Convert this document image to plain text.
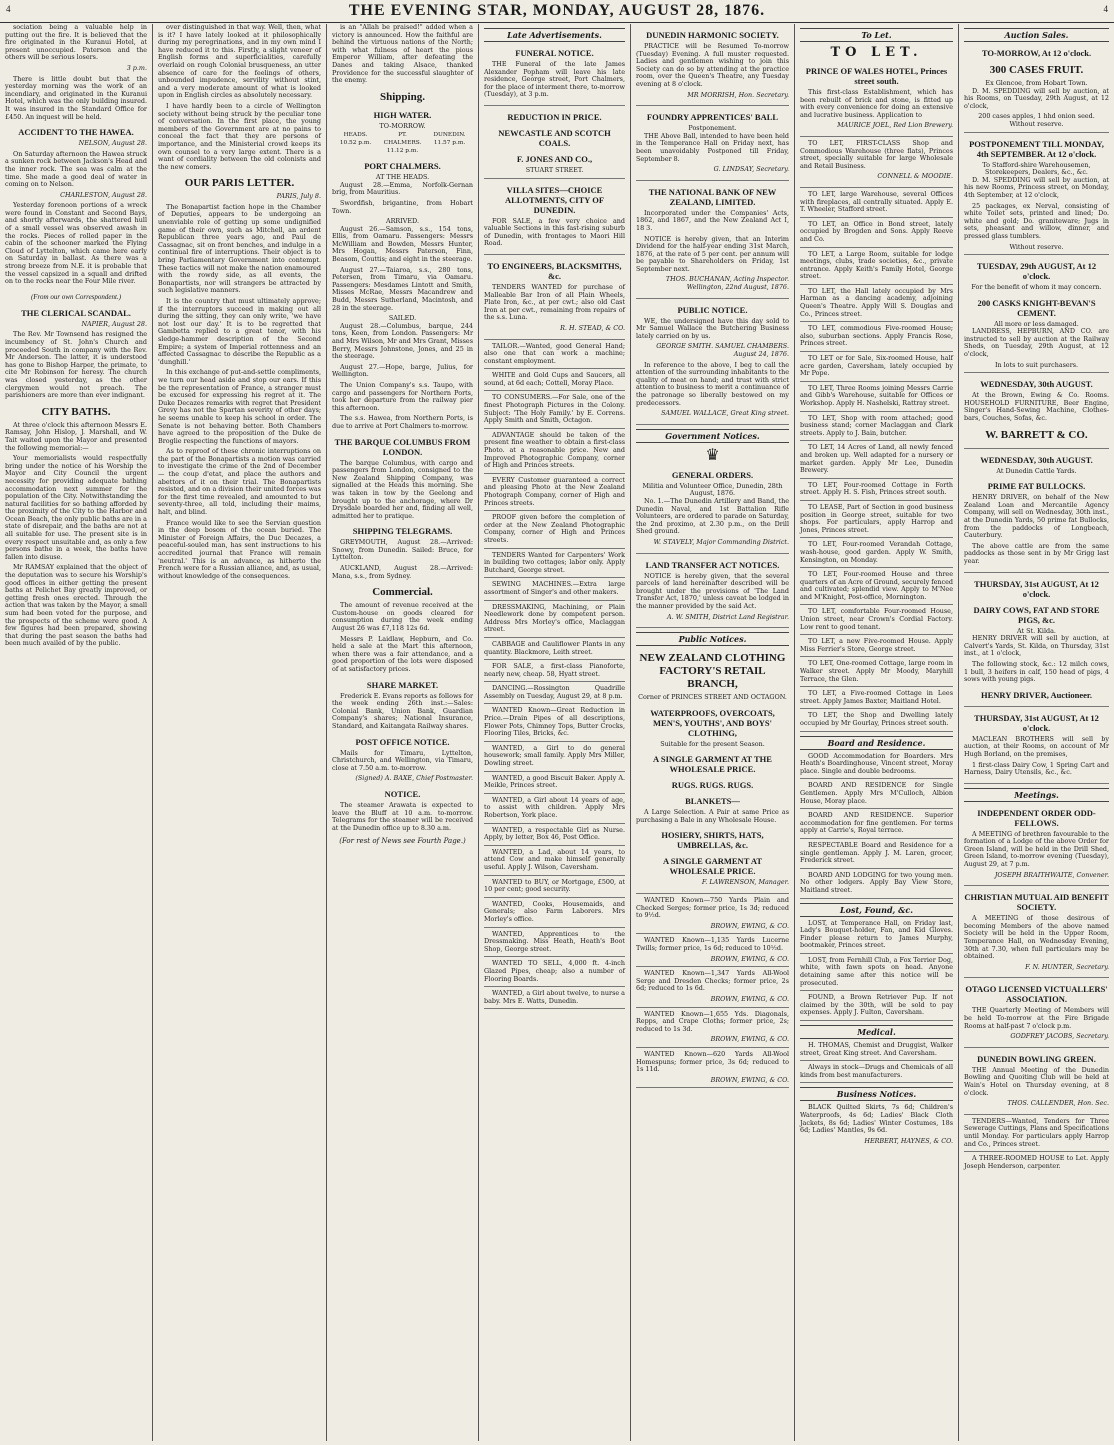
4	THE EVENING STAR, MONDAY, AUGUST 28, 1876.	4

sociation being a valuable help in putting out the fire. It is believed that the fire originated in the Kuranui Hotel, at present unoccupied. Paterson and the others will be serious losers.

3 p.m.

There is little doubt but that the yesterday morning was the work of an incendiary, and originated in the Kuranui Hotel, which was the only building insured. It was insured in the Standard Office for £450. An inquest will be held.

ACCIDENT TO THE HAWEA.

NELSON, August 28.

On Saturday afternoon the Hawea struck a sunken rock between Jackson's Head and the inner rock. The sea was calm at the time. She made a good deal of water in coming on to Nelson.

CHARLESTON, August 28.

Yesterday forenoon portions of a wreck were found in Constant and Second Bays, and shortly afterwards, the shattered hull of a small vessel was observed awash in the rocks. Pieces of rolled paper in the cabin of the schooner marked the Flying Cloud of Lyttelton, which came here early on Saturday in ballast. As there was a strong breeze from N.E. it is probable that the vessel capsized in a squall and drifted on to the rocks near the Four Mile river.

(From our own Correspondent.)
THE CLERICAL SCANDAL.

NAPIER, August 28.

The Rev. Mr Townsend has resigned the incumbency of St. John's Church and proceeded South in company with the Rev. Mr Anderson. The latter, it is understood has gone to Bishop Harper, the primate, to cite Mr Robinson for heresy. The church was closed yesterday, as the other clergymen would not preach. The parishioners are more than ever indignant.

CITY BATHS.

At three o'clock this afternoon Messrs E. Ramsay, John Hislop, J. Marshall, and W. Tait waited upon the Mayor and presented the following memorial:—

Your memorialists would respectfully bring under the notice of his Worship the Mayor and City Council the urgent necessity for providing adequate bathing accommodation next summer for the population of the City. Notwithstanding the natural facilities for so bathing afforded by the proximity of the City to the Harbor and Ocean Beach, the only public baths are in a state of disrepair, and the baths are not at all suitable for use. The present site is in every respect unsuitable and, as only a few persons bathe in a week, the baths have fallen into disuse.

Mr RAMSAY explained that the object of the deputation was to secure his Worship's good offices in either getting the present baths at Pelichet Bay greatly improved, or getting fresh ones erected. Through the action that was taken by the Mayor, a small sum had been voted for the purpose, and the prospects of the scheme were good. A few figures had been prepared, showing that during the past season the baths had been much availed of by the public.

over distinguished in that way. Well, then, what is it? I have lately looked at it philosophically during my peregrinations, and in my own mind I have reduced it to this. Firstly, a slight veneer of English forms and superficialities, carefully overlaid on rough Colonial brusqueness, an utter absence of care for the feelings of others, unbounded impudence, servility without stint, and a very moderate amount of what is looked upon in English circles as absolutely necessary.

I have hardly been to a circle of Wellington society without being struck by the peculiar tone of conversation. In the first place, the young members of the Government are at no pains to conceal the fact that they are persons of importance, and the Ministerial crowd keeps its own counsel to a very large extent. There is a want of cordiality between the old colonists and the new comers.

OUR PARIS LETTER.

PARIS, July 8.

The Bonapartist faction hope in the Chamber of Deputies, appears to be undergoing an unenviable role of getting up some undignified game of their own, such as Mitchell, an ardent Republican three years ago, and Paul de Cassagnac, sit on front benches, and indulge in a continual fire of interruptions. Their object is to bring Parliamentary Government into contempt. These tactics will not make the nation enamoured with the rowdy side, as all events, the Bonapartists, nor will strangers be attracted by such legislative manners.

It is the country that must ultimately approve; if the interruptors succeed in making out all during the sitting, they can only write, 'we have not lost our day.' It is to be regretted that Gambetta replied to a great tenor, with his sledge-hammer description of the Second Empire; a system of Imperial rottenness and an affected Cassagnac to describe the Republic as a 'dunghill.'

In this exchange of put-and-settle compliments, we turn our head aside and stop our ears. If this be the representation of France, a stranger must be excused for expressing his regret at it. The Duke Decazes remarks with regret that President Grevy has not the Spartan severity of other days; he seems unable to keep his school in order. The Senate is not behaving better. Both Chambers have agreed to the proposition of the Duke de Broglie respecting the functions of mayors.

As to reproof of these chronic interruptions on the part of the Bonapartists a motion was carried to investigate the crime of the 2nd of December — the coup d'etat, and place the authors and abettors of it on their trial. The Bonapartists resisted, and on a division their united forces was for the first time revealed, and amounted to but seventy-three, all told, including their maims, halt, and blind.

France would like to see the Servian question in the deep bosom of the ocean buried. The Minister of Foreign Affairs, the Duc Decazes, a peaceful-souled man, has sent instructions to his accredited journal that France will remain 'neutral.' This is an advance, as hitherto the French were for a Russian alliance, and, as usual, without knowledge of the consequences.

is an "Allah be praised!" added when a victory is announced. How the faithful are behind the virtuous nations of the North; with what fulness of heart the pious Emperor William, after defeating the Danes and taking Alsace, thanked Providence for the successful slaughter of the enemy.

Shipping.
HIGH WATER.
TO-MORROW.
HEADS.
10.52 p.m.
PT. CHALMERS.
11.12 p.m.
DUNEDIN.
11.57 p.m.
PORT CHALMERS.
AT THE HEADS.

August 28.—Emma, Norfolk-Gernan brig, from Mauritius.

Swordfish, brigantine, from Hobart Town.

ARRIVED.

August 26.—Samson, s.s., 154 tons, Ellis, from Oamaru. Passengers: Messrs McWilliam and Bowden, Messrs Hunter, Mrs Hogan, Messrs Paterson, Finn, Beasom, Couttis; and eight in the steerage.

August 27.—Taiaroa, s.s., 280 tons, Petersen, from Timaru, via Oamaru. Passengers: Mesdames Lintott and Smith, Misses McRae, Messrs Macandrew and Budd, Messrs Sutherland, Macintosh, and 28 in the steerage.

SAILED.

August 28.—Columbus, barque, 244 tons, Keen, from London. Passengers: Mr and Mrs Wilson, Mr and Mrs Grant, Misses Berry, Messrs Johnstone, Jones, and 25 in the steerage.

August 27.—Hope, barge, Julius, for Wellington.

The Union Company's s.s. Taupo, with cargo and passengers for Northern Ports, took her departure from the railway pier this afternoon.

The s.s. Hawea, from Northern Ports, is due to arrive at Port Chalmers to-morrow.

THE BARQUE COLUMBUS FROM LONDON.

The barque Columbus, with cargo and passengers from London, consigned to the New Zealand Shipping Company, was signalled at the Heads this morning. She was taken in tow by the Geelong and brought up to the anchorage, where Dr Drysdale boarded her and, finding all well, admitted her to pratique.

SHIPPING TELEGRAMS.

GREYMOUTH, August 28.—Arrived: Snowy, from Dunedin. Sailed: Bruce, for Lyttelton.

AUCKLAND, August 28.—Arrived: Mana, s.s., from Sydney.

Commercial.

The amount of revenue received at the Custom-house on goods cleared for consumption during the week ending August 26 was £7,118 12s 6d.

Messrs P. Laidlaw, Hepburn, and Co. held a sale at the Mart this afternoon, when there was a fair attendance, and a good proportion of the lots were disposed of at satisfactory prices.

SHARE MARKET.

Frederick E. Evans reports as follows for the week ending 26th inst.:—Sales: Colonial Bank, Union Bank, Guardian Company's shares; National Insurance, Standard, and Kaitangata Railway shares.

POST OFFICE NOTICE.

Mails for Timaru, Lyttelton, Christchurch, and Wellington, via Timaru, close at 7.50 a.m. to-morrow.

(Signed) A. BAXE, Chief Postmaster.

NOTICE.

The steamer Arawata is expected to leave the Bluff at 10 a.m. to-morrow. Telegrams for the steamer will be received at the Dunedin office up to 8.30 a.m.

(For rest of News see Fourth Page.)
Late Advertisements.
FUNERAL NOTICE.

THE Funeral of the late James Alexander Popham will leave his late residence, George street, Port Chalmers, for the place of interment there, to-morrow (Tuesday), at 3 p.m.

REDUCTION IN PRICE.
NEWCASTLE AND SCOTCH COALS.
F. JONES AND CO.,
STUART STREET.
VILLA SITES—CHOICE ALLOTMENTS, CITY OF DUNEDIN.

FOR SALE, a few very choice and valuable Sections in this fast-rising suburb of Dunedin, with frontages to Maori Hill Road.

TO ENGINEERS, BLACKSMITHS, &c.

TENDERS WANTED for purchase of Malleable Bar Iron of all Plain Wheels, Plate Iron, &c., at per cwt.; also old Cast Iron at per cwt., remaining from repairs of the s.s. Luna.

R. H. STEAD, & CO.

TAILOR.—Wanted, good General Hand; also one that can work a machine; constant employment.

WHITE and Gold Cups and Saucers, all sound, at 6d each; Cottell, Moray Place.

TO CONSUMERS.—For Sale, one of the finest Photograph Pictures in the Colony. Subject: 'The Holy Family.' by E. Correns. Apply Smith and Smith, Octagon.

ADVANTAGE should be taken of the present fine weather to obtain a first-class Photo. at a reasonable price. New and Improved Photographic Company, corner of High and Princes streets.

EVERY Customer guaranteed a correct and pleasing Photo at the New Zealand Photograph Company, corner of High and Princes streets.

PROOF given before the completion of order at the New Zealand Photographic Company, corner of High and Princes streets.

TENDERS Wanted for Carpenters' Work in building two cottages; labor only. Apply Butchard, George street.

SEWING MACHINES.—Extra large assortment of Singer's and other makers.

DRESSMAKING, Machining, or Plain Needlework done by competent person. Address Mrs Morley's office, Maclaggan street.

CABBAGE and Cauliflower Plants in any quantity. Blackmore, Leith street.

FOR SALE, a first-class Pianoforte, nearly new, cheap. 58, Hyatt street.

DANCING.—Rossington Quadrille Assembly on Tuesday, August 29, at 8 p.m.

WANTED Known—Great Reduction in Price.—Drain Pipes of all descriptions, Flower Pots, Chimney Tops, Butter Crocks, Flooring Tiles, Bricks, &c.

WANTED, a Girl to do general housework; small family. Apply Mrs Miller, Dowling street.

WANTED, a good Biscuit Baker. Apply A. Meikle, Princes street.

WANTED, a Girl about 14 years of age, to assist with children. Apply Mrs Robertson, York place.

WANTED, a respectable Girl as Nurse. Apply, by letter, Box 46, Post Office.

WANTED, a Lad, about 14 years, to attend Cow and make himself generally useful. Apply J. Wilson, Caversham.

WANTED to BUY, or Mortgage, £500, at 10 per cent; good security.

WANTED, Cooks, Housemaids, and Generals; also Farm Laborers. Mrs Morley's office.

WANTED, Apprentices to the Dressmaking. Miss Heath, Heath's Boot Shop, George street.

WANTED TO SELL, 4,000 ft. 4-inch Glazed Pipes, cheap; also a number of Flooring Boards.

WANTED, a Girl about twelve, to nurse a baby. Mrs E. Watts, Dunedin.

DUNEDIN HARMONIC SOCIETY.

PRACTICE will be Resumed To-morrow (Tuesday) Evening. A full muster requested. Ladies and gentlemen wishing to join this Society can do so by attending at the practice room, over the Queen's Theatre, any Tuesday evening at 8 o'clock.

MR MORRISH, Hon. Secretary.

FOUNDRY APPRENTICES' BALL
Postponement.

THE Above Ball, intended to have been held in the Temperance Hall on Friday next, has been unavoidably Postponed till Friday, September 8.

G. LINDSAY, Secretary.

THE NATIONAL BANK OF NEW ZEALAND, LIMITED.

Incorporated under the Companies' Acts, 1862, and 1867, and the New Zealand Act I, 18 3.

NOTICE is hereby given, that an Interim Dividend for the half-year ending 31st March, 1876, at the rate of 5 per cent. per annum will be payable to Shareholders on Friday, 1st September next.

THOS. BUCHANAN, Acting Inspector. Wellington, 22nd August, 1876.

PUBLIC NOTICE.

WE, the undersigned have this day sold to Mr Samuel Wallace the Butchering Business lately carried on by us.

GEORGE SMITH. SAMUEL CHAMBERS. August 24, 1876.

In reference to the above, I beg to call the attention of the surrounding inhabitants to the quality of meat on hand; and trust with strict attention to business to merit a continuance of the patronage so liberally bestowed on my predecessors.

SAMUEL WALLACE, Great King street.

Government Notices.
♛
GENERAL ORDERS.
Militia and Volunteer Office, Dunedin, 28th August, 1876.

No. 1.—The Dunedin Artillery and Band, the Dunedin Naval, and 1st Battalion Rifle Volunteers, are ordered to parade on Saturday, the 2nd proximo, at 2.30 p.m., on the Drill Shed ground.

W. STAVELY, Major Commanding District.

LAND TRANSFER ACT NOTICES.

NOTICE is hereby given, that the several parcels of land hereinafter described will be brought under the provisions of 'The Land Transfer Act, 1870,' unless caveat be lodged in the manner provided by the said Act.

A. W. SMITH, District Land Registrar.

Public Notices.
NEW ZEALAND CLOTHING FACTORY'S RETAIL BRANCH,
Corner of PRINCES STREET AND OCTAGON.
WATERPROOFS, OVERCOATS, MEN'S, YOUTHS', AND BOYS' CLOTHING,
Suitable for the present Season.
A SINGLE GARMENT AT THE WHOLESALE PRICE.
RUGS. RUGS. RUGS.
BLANKETS—

A Large Selection. A Pair at same Price as purchasing a Bale in any Wholesale House.

HOSIERY, SHIRTS, HATS, UMBRELLAS, &c.
A SINGLE GARMENT AT WHOLESALE PRICE.

F. LAWRENSON, Manager.

WANTED Known—750 Yards Plain and Checked Serges; former price, 1s 3d; reduced to 9½d.

BROWN, EWING, & CO.

WANTED Known—1,135 Yards Lucerne Twills; former price, 1s 6d; reduced to 10½d.

BROWN, EWING, & CO.

WANTED Known—1,347 Yards All-Wool Serge and Dresden Checks; former price, 2s 6d; reduced to 1s 6d.

BROWN, EWING, & CO.

WANTED Known—1,655 Yds. Diagonals, Repps, and Crape Cloths; former price, 2s; reduced to 1s 3d.

BROWN, EWING, & CO.

WANTED Known—620 Yards All-Wool Homespuns; former price, 3s 6d; reduced to 1s 11d.

BROWN, EWING, & CO.

To Let.
TO LET.
PRINCE OF WALES HOTEL, Princes street south.

This first-class Establishment, which has been rebuilt of brick and stone, is fitted up with every convenience for doing an extensive and lucrative business. Application to

MAURICE JOEL, Red Lion Brewery.

TO LET, FIRST-CLASS Shop and Commodious Warehouse (three flats), Princes street, specially suitable for large Wholesale and Retail Business.

CONNELL & MOODIE.

TO LET, large Warehouse, several Offices with fireplaces, all centrally situated. Apply E. T. Wheeler, Stafford street.

TO LET, an Office in Bond street, lately occupied by Brogden and Sons. Apply Reeve and Co.

TO LET, a Large Room, suitable for lodge meetings, clubs, trade societies, &c., private entrance. Apply Keith's Family Hotel, George street.

TO LET, the Hall lately occupied by Mrs Harman as a dancing academy, adjoining Queen's Theatre. Apply Will S. Douglas and Co., Princes street.

TO LET, commodious Five-roomed House; also, suburban sections. Apply Francis Rose, Princes street.

TO LET or for Sale, Six-roomed House, half acre garden, Caversham, lately occupied by Mr Pope.

TO LET, Three Rooms joining Messrs Carrie and Gibb's Warehouse, suitable for Offices or Workshop. Apply H. Nashelski, Rattray street.

TO LET, Shop with room attached; good business stand; corner Maclaggan and Clark streets. Apply to J. Bain, butcher.

TO LET, 14 Acres of Land, all newly fenced and broken up. Well adapted for a nursery or market garden. Apply Mr Lee, Dunedin Brewery.

TO LET, Four-roomed Cottage in Forth street. Apply H. S. Fish, Princes street south.

TO LEASE, Part of Section in good business position in George street, suitable for two shops. For particulars, apply Harrop and Jones, Princes street.

TO LET, Four-roomed Verandah Cottage, wash-house, good garden. Apply W. Smith, Kensington, on Monday.

TO LET, Four-roomed House and three quarters of an Acre of Ground, securely fenced and cultivated; splendid view. Apply to M'Nee and M'Knight, Post-office, Mornington.

TO LET, comfortable Four-roomed House, Union street, near Crown's Cordial Factory. Low rent to good tenant.

TO LET, a new Five-roomed House. Apply Miss Ferrier's Store, George street.

TO LET, One-roomed Cottage, large room in Walker street. Apply Mr Moody, Maryhill Terrace, the Glen.

TO LET, a Five-roomed Cottage in Lees street. Apply James Baxter, Maitland Hotel.

TO LET, the Shop and Dwelling lately occupied by Mr Gourlay, Princes street south.

Board and Residence.

GOOD Accommodation for Boarders. Mrs Heath's Boardinghouse, Vincent street, Moray place. Single and double bedrooms.

BOARD AND RESIDENCE for Single Gentlemen. Apply Mrs M'Culloch, Albion House, Moray place.

BOARD AND RESIDENCE. Superior accommodation for fine gentlemen. For terms apply at Carrie's, Royal terrace.

RESPECTABLE Board and Residence for a single gentleman. Apply J. M. Laren, grocer, Frederick street.

BOARD AND LODGING for two young men. No other lodgers. Apply Bay View Store, Maitland street.

Lost, Found, &c.

LOST, at Temperance Hall, on Friday last, Lady's Bouquet-holder, Fan, and Kid Gloves. Finder please return to James Murphy, bootmaker, Princes street.

LOST, from Fernhill Club, a Fox Terrier Dog, white, with fawn spots on head. Anyone detaining same after this notice will be prosecuted.

FOUND, a Brown Retriever Pup. If not claimed by the 30th, will be sold to pay expenses. Apply J. Fulton, Caversham.

Medical.

H. THOMAS, Chemist and Druggist, Walker street, Great King street. And Caversham.

Always in stock—Drugs and Chemicals of all kinds from best manufacturers.

Business Notices.

BLACK Quilted Skirts, 7s 6d; Children's Waterproofs, 4s 6d; Ladies' Black Cloth Jackets, 8s 6d; Ladies' Winter Costumes, 18s 6d; Ladies' Mantles, 9s 6d.

HERBERT, HAYNES, & CO.

Auction Sales.
TO-MORROW, At 12 o'clock.
300 CASES FRUIT.
Ex Glencoe, from Hobart Town.

D. M. SPEDDING will sell by auction, at his Rooms, on Tuesday, 29th August, at 12 o'clock,

200 cases apples, 1 hhd onion seed.
Without reserve.
POSTPONEMENT TILL MONDAY, 4th SEPTEMBER. At 12 o'clock.
To Stafford-shire Warehousemen, Storekeepers, Dealers, &c., &c.

D. M. SPEDDING will sell by auction, at his new Rooms, Princess street, on Monday, 4th September, at 12 o'clock,

25 packages, ex Nerval, consisting of white Toilet sets, printed and lined; Do. white and gold; Do. graniteware; Jugs in sets, pheasant and willow, dinner, and pressed glass tumblers.

Without reserve.
TUESDAY, 29th AUGUST, At 12 o'clock.
For the benefit of whom it may concern.
200 CASKS KNIGHT-BEVAN'S CEMENT.
All more or less damaged.

LANDRESS, HEPBURN, AND CO. are instructed to sell by auction at the Railway Sheds, on Tuesday, 29th August, at 12 o'clock,

In lots to suit purchasers.
WEDNESDAY, 30th AUGUST.

At the Brown, Ewing & Co. Rooms. HOUSEHOLD FURNITURE, Beer Engine, Singer's Hand-Sewing Machine, Clothes-bars, Couches, Sofas, &c.

W. BARRETT & CO.
WEDNESDAY, 30th AUGUST.
At Dunedin Cattle Yards.
PRIME FAT BULLOCKS.

HENRY DRIVER, on behalf of the New Zealand Loan and Mercantile Agency Company, will sell on Wednesday, 30th inst., at the Dunedin Yards, 50 prime fat Bullocks, from the paddocks of Longbeach, Cauterbury.

The above cattle are from the same paddocks as those sent in by Mr Grigg last year.

THURSDAY, 31st AUGUST, At 12 o'clock.
DAIRY COWS, FAT AND STORE PIGS, &c.
At St. Kilda.

HENRY DRIVER will sell by auction, at Calvert's Yards, St. Kilda, on Thursday, 31st inst., at 1 o'clock,

The following stock, &c.: 12 milch cows, 1 bull, 3 heifers in calf, 150 head of pigs, 4 sows with young pigs.

HENRY DRIVER, Auctioneer.
THURSDAY, 31st AUGUST, At 12 o'clock.

MACLEAN BROTHERS will sell by auction, at their Rooms, on account of Mr Hugh Borland, on the premises,

1 first-class Dairy Cow, 1 Spring Cart and Harness, Dairy Utensils, &c., &c.

Meetings.
INDEPENDENT ORDER ODD-FELLOWS.

A MEETING of brethren favourable to the formation of a Lodge of the above Order for Green Island, will be held in the Drill Shed, Green Island, to-morrow evening (Tuesday), August 29, at 7 p.m.

JOSEPH BRAITHWAITE, Convener.

CHRISTIAN MUTUAL AID BENEFIT SOCIETY.

A MEETING of those desirous of becoming Members of the above named Society will be held in the Upper Room, Temperance Hall, on Wednesday Evening, 30th at 7.30, when full particulars may be obtained.

F. N. HUNTER, Secretary.

OTAGO LICENSED VICTUALLERS' ASSOCIATION.

THE Quarterly Meeting of Members will be held To-morrow at the Fire Brigade Rooms at half-past 7 o'clock p.m.

GODFREY JACOBS, Secretary.

DUNEDIN BOWLING GREEN.

THE Annual Meeting of the Dunedin Bowling and Quoiting Club will be held at Wain's Hotel on Thursday evening, at 8 o'clock.

THOS. CALLENDER, Hon. Sec.

TENDERS—Wanted, Tenders for Three Sewerage Cuttings, Plans and Specifications until Monday. For particulars apply Harrop and Co., Princes street.

A THREE-ROOMED HOUSE to Let. Apply Joseph Henderson, carpenter.
